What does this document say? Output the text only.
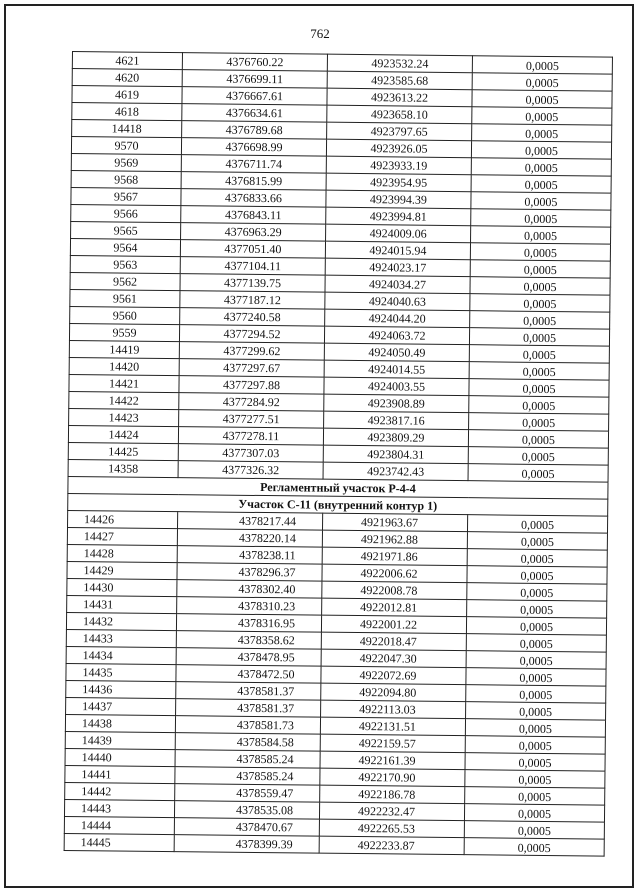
762
4621	4376760.22	4923532.24	0,0005
4620	4376699.11	4923585.68	0,0005
4619	4376667.61	4923613.22	0,0005
4618	4376634.61	4923658.10	0,0005
14418	4376789.68	4923797.65	0,0005
9570	4376698.99	4923926.05	0,0005
9569	4376711.74	4923933.19	0,0005
9568	4376815.99	4923954.95	0,0005
9567	4376833.66	4923994.39	0,0005
9566	4376843.11	4923994.81	0,0005
9565	4376963.29	4924009.06	0,0005
9564	4377051.40	4924015.94	0,0005
9563	4377104.11	4924023.17	0,0005
9562	4377139.75	4924034.27	0,0005
9561	4377187.12	4924040.63	0,0005
9560	4377240.58	4924044.20	0,0005
9559	4377294.52	4924063.72	0,0005
14419	4377299.62	4924050.49	0,0005
14420	4377297.67	4924014.55	0,0005
14421	4377297.88	4924003.55	0,0005
14422	4377284.92	4923908.89	0,0005
14423	4377277.51	4923817.16	0,0005
14424	4377278.11	4923809.29	0,0005
14425	4377307.03	4923804.31	0,0005
14358	4377326.32	4923742.43	0,0005
Регламентный участок Р-4-4			
Участок С-11 (внутренний контур 1)			
14426	4378217.44	4921963.67	0,0005
14427	4378220.14	4921962.88	0,0005
14428	4378238.11	4921971.86	0,0005
14429	4378296.37	4922006.62	0,0005
14430	4378302.40	4922008.78	0,0005
14431	4378310.23	4922012.81	0,0005
14432	4378316.95	4922001.22	0,0005
14433	4378358.62	4922018.47	0,0005
14434	4378478.95	4922047.30	0,0005
14435	4378472.50	4922072.69	0,0005
14436	4378581.37	4922094.80	0,0005
14437	4378581.37	4922113.03	0,0005
14438	4378581.73	4922131.51	0,0005
14439	4378584.58	4922159.57	0,0005
14440	4378585.24	4922161.39	0,0005
14441	4378585.24	4922170.90	0,0005
14442	4378559.47	4922186.78	0,0005
14443	4378535.08	4922232.47	0,0005
14444	4378470.67	4922265.53	0,0005
14445	4378399.39	4922233.87	0,0005
